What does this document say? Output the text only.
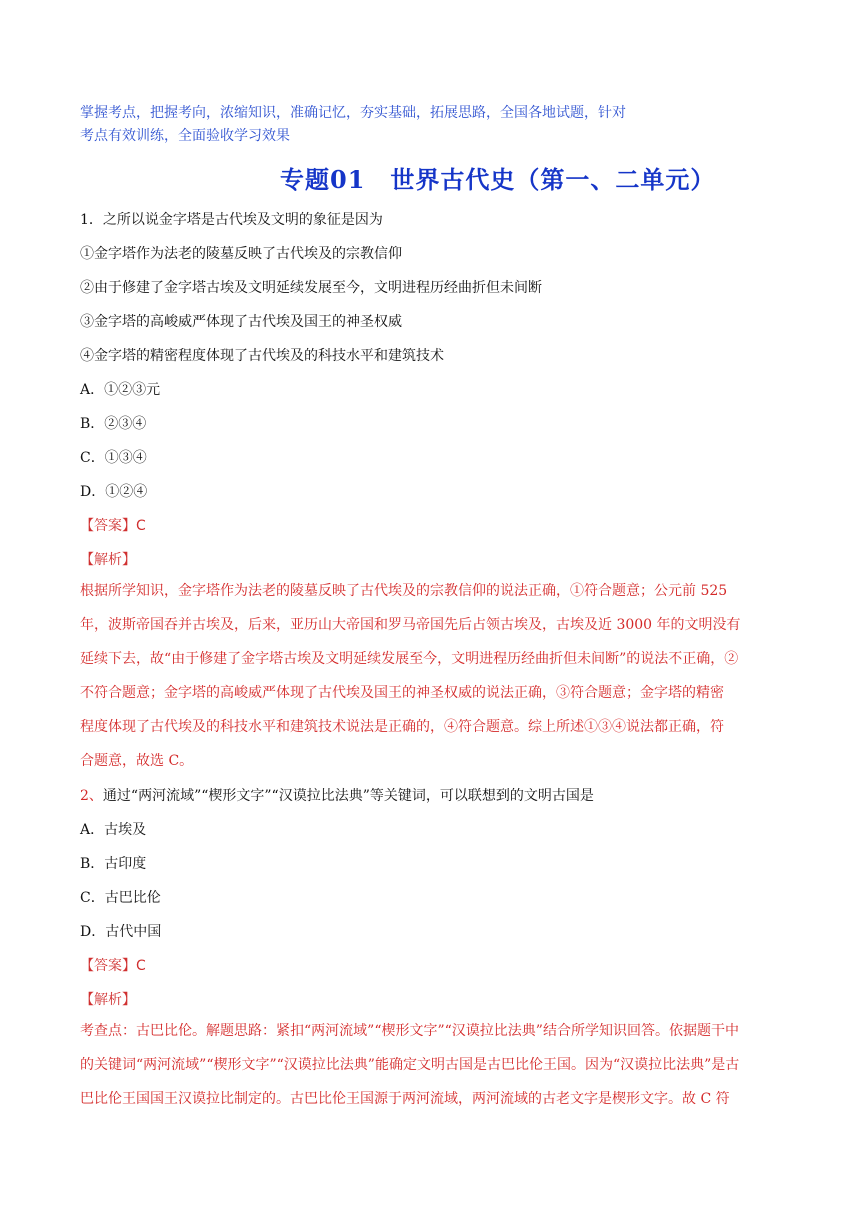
掌握考点，把握考向，浓缩知识，准确记忆，夯实基础，拓展思路，全国各地试题，针对
考点有效训练，全面验收学习效果
专题01　世界古代史（第一、二单元）
1．之所以说金字塔是古代埃及文明的象征是因为
①金字塔作为法老的陵墓反映了古代埃及的宗教信仰
②由于修建了金字塔古埃及文明延续发展至今，文明进程历经曲折但未间断
③金字塔的高峻威严体现了古代埃及国王的神圣权威
④金字塔的精密程度体现了古代埃及的科技水平和建筑技术
A．①②③元
B．②③④
C．①③④
D．①②④
【答案】C
【解析】
根据所学知识，金字塔作为法老的陵墓反映了古代埃及的宗教信仰的说法正确，①符合题意；公元前 525
年，波斯帝国吞并古埃及，后来，亚历山大帝国和罗马帝国先后占领古埃及，古埃及近 3000 年的文明没有
延续下去，故“由于修建了金字塔古埃及文明延续发展至今，文明进程历经曲折但未间断”的说法不正确，②
不符合题意；金字塔的高峻威严体现了古代埃及国王的神圣权威的说法正确，③符合题意；金字塔的精密
程度体现了古代埃及的科技水平和建筑技术说法是正确的，④符合题意。综上所述①③④说法都正确，符
合题意，故选 C。
2、通过“两河流域”“楔形文字”“汉谟拉比法典”等关键词，可以联想到的文明古国是
A．古埃及
B．古印度
C．古巴比伦
D．古代中国
【答案】C
【解析】
考查点：古巴比伦。解题思路：紧扣“两河流域”“楔形文字”“汉谟拉比法典”结合所学知识回答。依据题干中
的关键词“两河流域”“楔形文字”“汉谟拉比法典”能确定文明古国是古巴比伦王国。因为“汉谟拉比法典”是古
巴比伦王国国王汉谟拉比制定的。古巴比伦王国源于两河流域，两河流域的古老文字是楔形文字。故 C 符
